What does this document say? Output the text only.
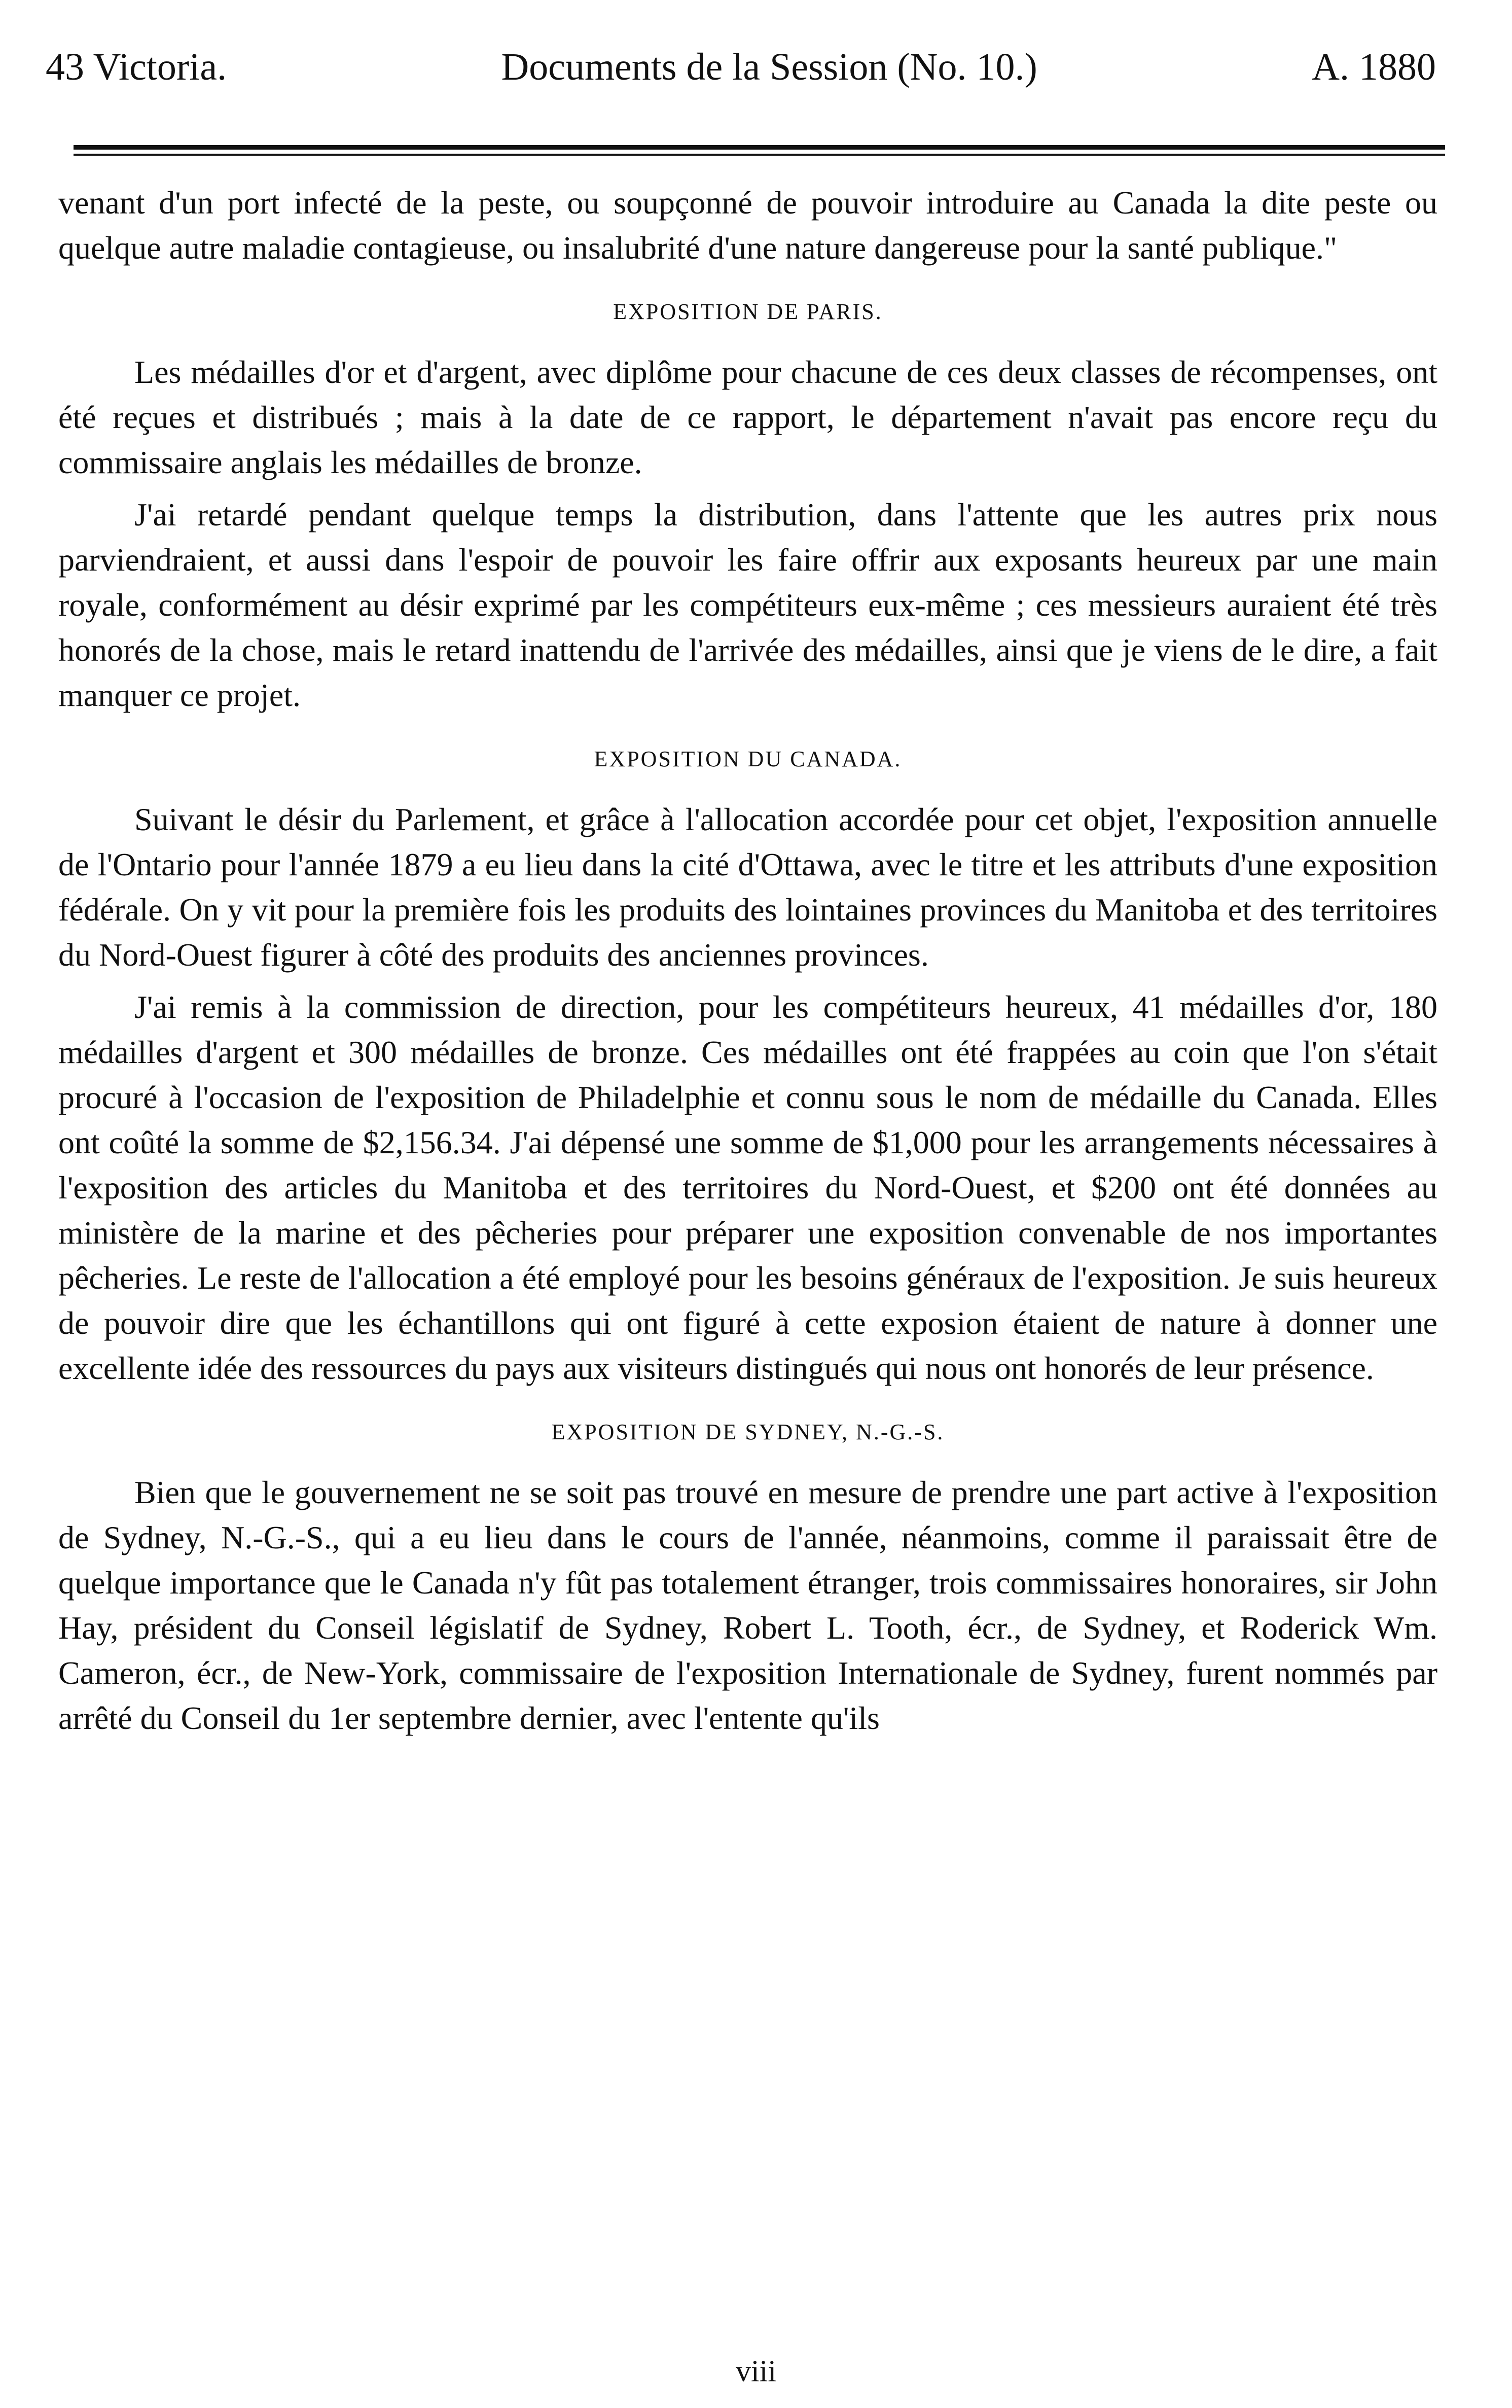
43 Victoria.	Documents de la Session (No. 10.)	A. 1880

venant d'un port infecté de la peste, ou soupçonné de pouvoir introduire au Canada la dite peste ou quelque autre maladie contagieuse, ou insalubrité d'une nature dangereuse pour la santé publique."

EXPOSITION DE PARIS.

Les médailles d'or et d'argent, avec diplôme pour chacune de ces deux classes de récompenses, ont été reçues et distribués ; mais à la date de ce rapport, le département n'avait pas encore reçu du commissaire anglais les médailles de bronze.

J'ai retardé pendant quelque temps la distribution, dans l'attente que les autres prix nous parviendraient, et aussi dans l'espoir de pouvoir les faire offrir aux exposants heureux par une main royale, conformément au désir exprimé par les compétiteurs eux-même ; ces messieurs auraient été très honorés de la chose, mais le retard inattendu de l'arrivée des médailles, ainsi que je viens de le dire, a fait manquer ce projet.

EXPOSITION DU CANADA.

Suivant le désir du Parlement, et grâce à l'allocation accordée pour cet objet, l'exposition annuelle de l'Ontario pour l'année 1879 a eu lieu dans la cité d'Ottawa, avec le titre et les attributs d'une exposition fédérale. On y vit pour la première fois les produits des lointaines provinces du Manitoba et des territoires du Nord-Ouest figurer à côté des produits des anciennes provinces.

J'ai remis à la commission de direction, pour les compétiteurs heureux, 41 médailles d'or, 180 médailles d'argent et 300 médailles de bronze. Ces médailles ont été frappées au coin que l'on s'était procuré à l'occasion de l'exposition de Philadelphie et connu sous le nom de médaille du Canada. Elles ont coûté la somme de $2,156.34. J'ai dépensé une somme de $1,000 pour les arrangements nécessaires à l'exposition des articles du Manitoba et des territoires du Nord-Ouest, et $200 ont été données au ministère de la marine et des pêcheries pour préparer une exposition convenable de nos importantes pêcheries. Le reste de l'allocation a été employé pour les besoins généraux de l'exposition. Je suis heureux de pouvoir dire que les échantillons qui ont figuré à cette exposion étaient de nature à donner une excellente idée des ressources du pays aux visiteurs distingués qui nous ont honorés de leur présence.

EXPOSITION DE SYDNEY, N.-G.-S.

Bien que le gouvernement ne se soit pas trouvé en mesure de prendre une part active à l'exposition de Sydney, N.-G.-S., qui a eu lieu dans le cours de l'année, néanmoins, comme il paraissait être de quelque importance que le Canada n'y fût pas totalement étranger, trois commissaires honoraires, sir John Hay, président du Conseil législatif de Sydney, Robert L. Tooth, écr., de Sydney, et Roderick Wm. Cameron, écr., de New-York, commissaire de l'exposition Internationale de Sydney, furent nommés par arrêté du Conseil du 1er septembre dernier, avec l'entente qu'ils

viii
